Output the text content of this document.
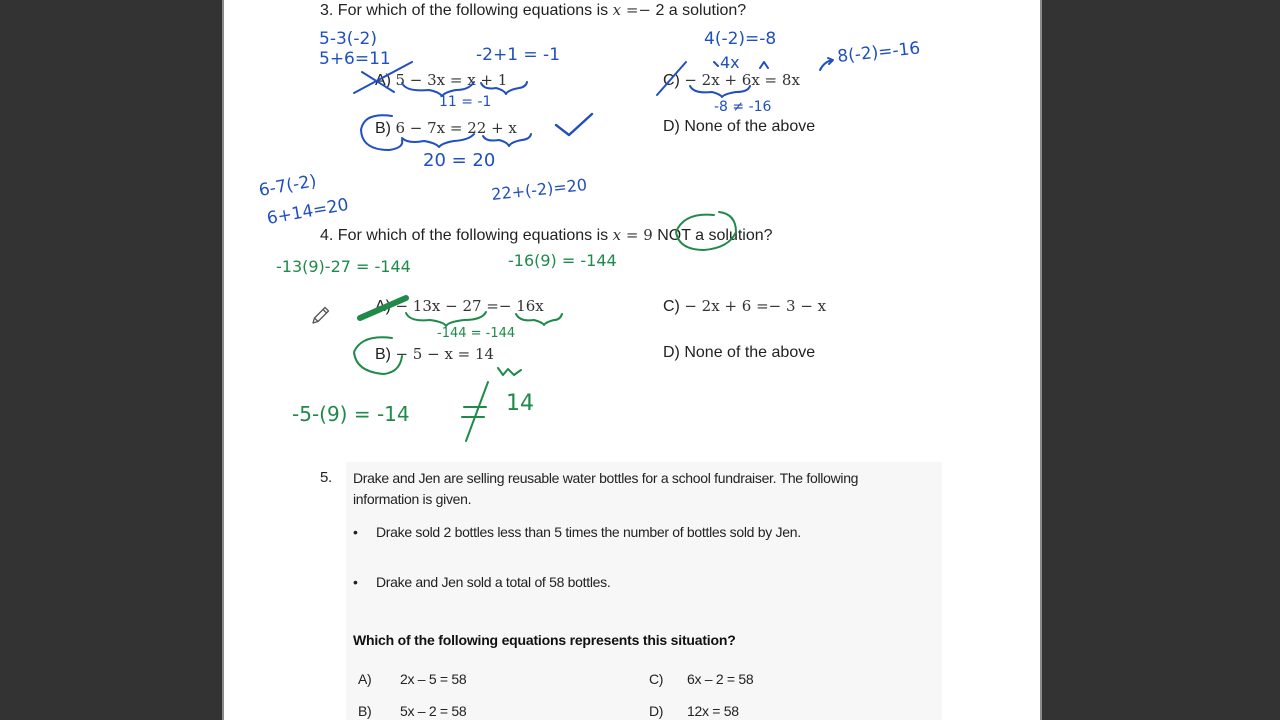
3. For which of the following equations is x =− 2 a solution?
A) 5 − 3x = x + 1
B) 6 − 7x = 22 + x
C) − 2x + 6x = 8x
D) None of the above
4. For which of the following equations is x = 9 NOT a solution?
A) − 13x − 27 =− 16x
B) − 5 − x = 14
C) − 2x + 6 =− 3 − x
D) None of the above
5. Drake and Jen are selling reusable water bottles for a school fundraiser. The following
information is given.
• Drake sold 2 bottles less than 5 times the number of bottles sold by Jen.
• Drake and Jen sold a total of 58 bottles.
Which of the following equations represents this situation?
A) 2x – 5 = 58
B) 5x – 2 = 58
C) 6x – 2 = 58
D) 12x = 58
5-3(-2)
5+6=11	-2+1 = -1
11 = -1
20 = 20
6-7(-2)
6+14=20
22+(-2)=20
4(-2)=-8
4x	8(-2)=-16
-8 ≠ -16
-13(9)-27 = -144	-16(9) = -144
-144 = -144
-5-(9) = -14	14
